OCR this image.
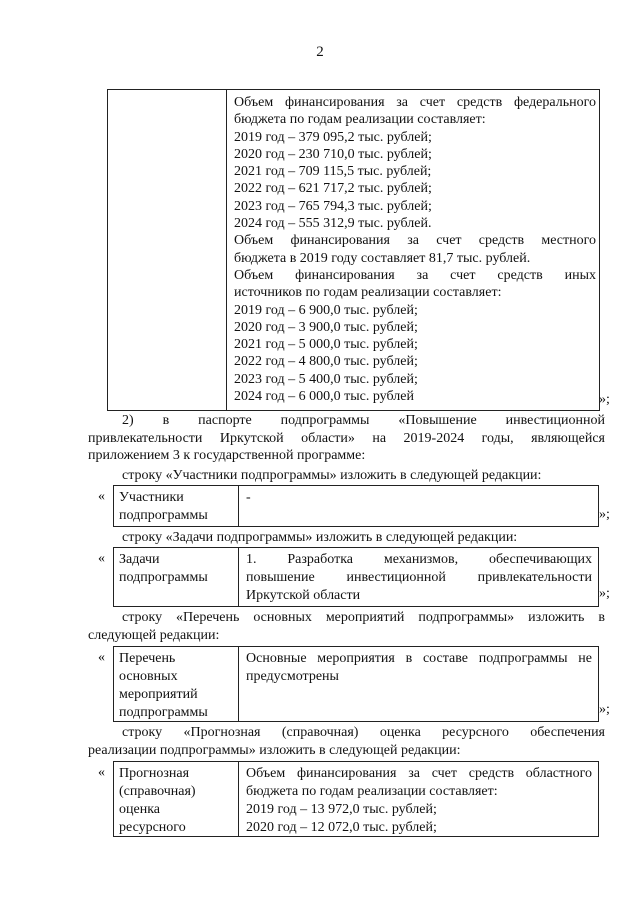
2
Объем финансирования за счет средств федерального
бюджета по годам реализации составляет:
2019 год – 379 095,2 тыс. рублей;
2020 год – 230 710,0 тыс. рублей;
2021 год – 709 115,5 тыс. рублей;
2022 год – 621 717,2 тыс. рублей;
2023 год – 765 794,3 тыс. рублей;
2024 год – 555 312,9 тыс. рублей.
Объем финансирования за счет средств местного
бюджета в 2019 году составляет 81,7 тыс. рублей.
Объем финансирования за счет средств иных
источников по годам реализации составляет:
2019 год – 6 900,0 тыс. рублей;
2020 год – 3 900,0 тыс. рублей;
2021 год – 5 000,0 тыс. рублей;
2022 год – 4 800,0 тыс. рублей;
2023 год – 5 400,0 тыс. рублей;
2024 год – 6 000,0 тыс. рублей	»;
2) в паспорте подпрограммы «Повышение инвестиционной
привлекательности Иркутской области» на 2019-2024 годы, являющейся
приложением 3 к государственной программе:
строку «Участники подпрограммы» изложить в следующей редакции:
« Участники
подпрограммы
-
»;
строку «Задачи подпрограммы» изложить в следующей редакции:
« Задачи
подпрограммы
1. Разработка механизмов, обеспечивающих
повышение инвестиционной привлекательности
Иркутской области	»;
строку «Перечень основных мероприятий подпрограммы» изложить в
следующей редакции:
« Перечень
основных
мероприятий
подпрограммы
Основные мероприятия в составе подпрограммы не
предусмотрены
»;
строку «Прогнозная (справочная) оценка ресурсного обеспечения
реализации подпрограммы» изложить в следующей редакции:
« Прогнозная
(справочная)
оценка
ресурсного
Объем финансирования за счет средств областного
бюджета по годам реализации составляет:
2019 год – 13 972,0 тыс. рублей;
2020 год – 12 072,0 тыс. рублей;
